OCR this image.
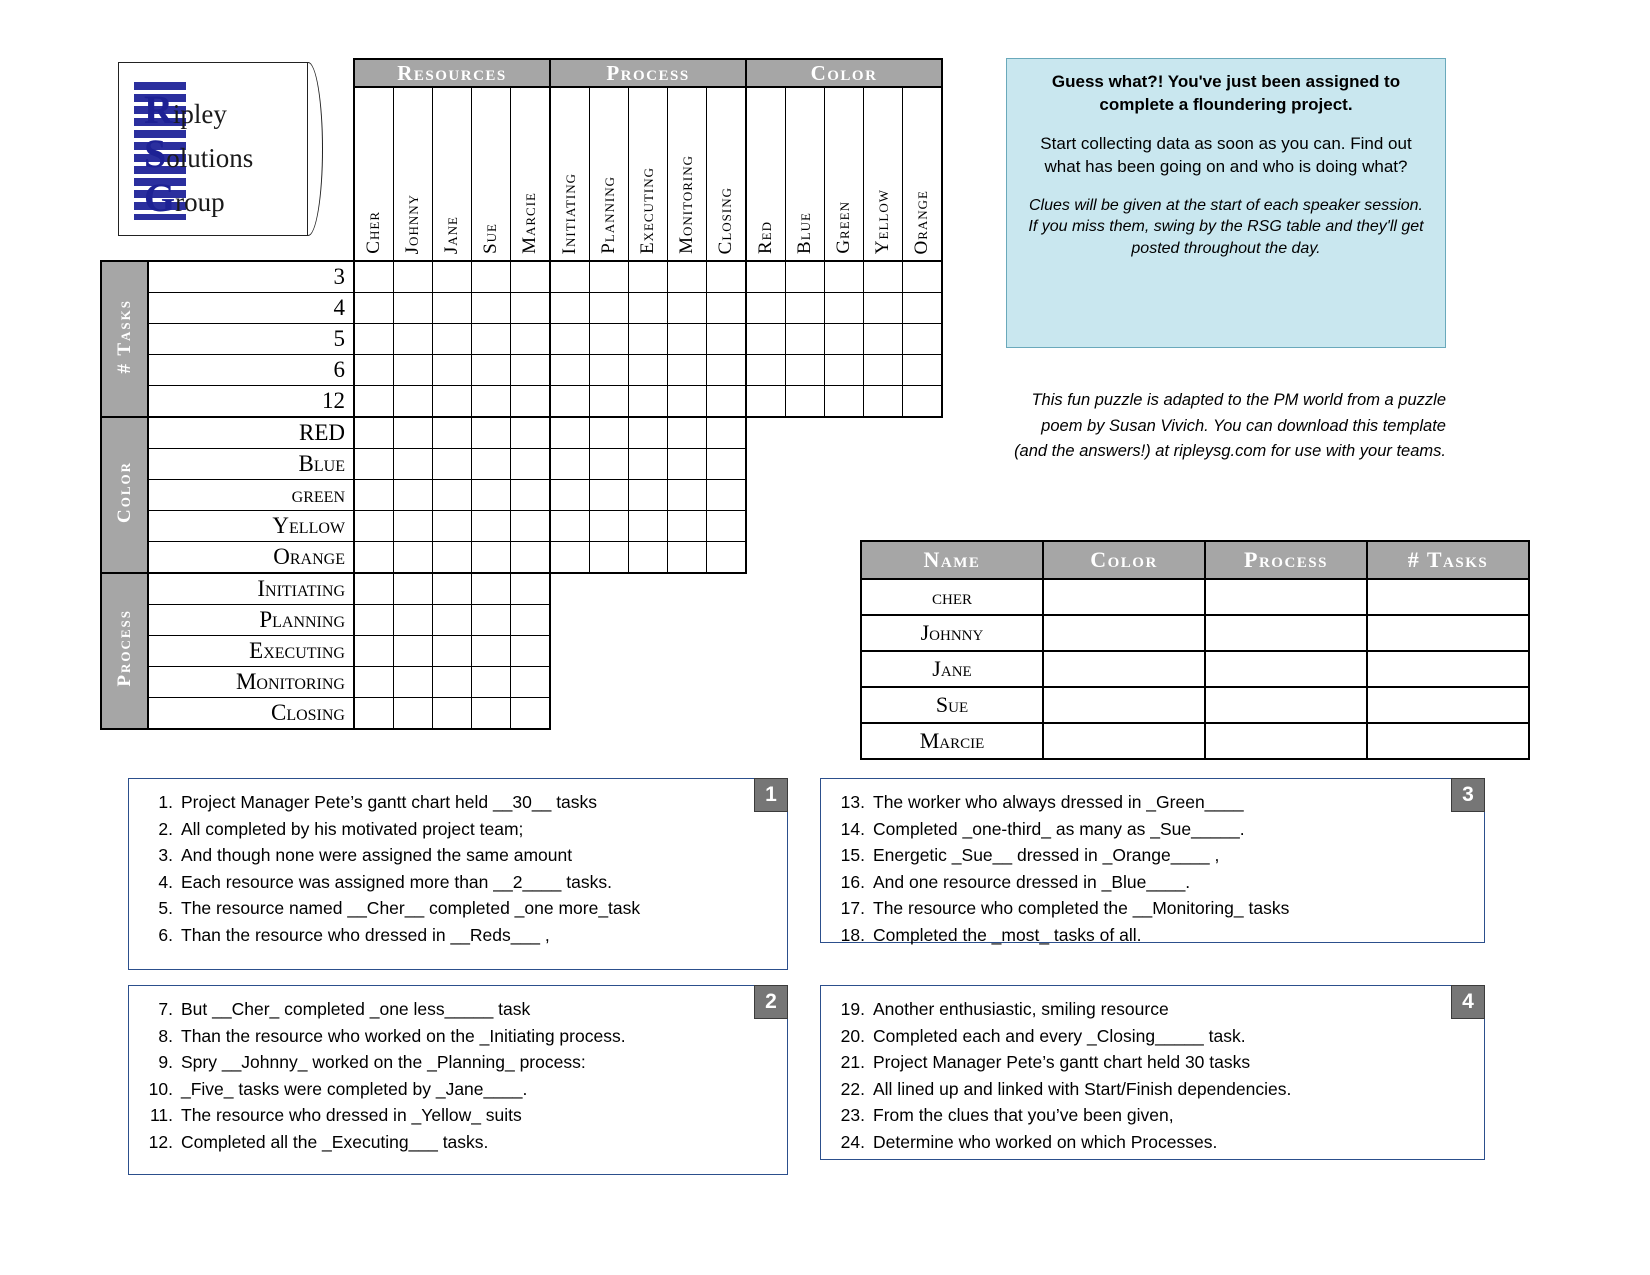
Ripley
Solutions
Group
		Resources					Process					Color				
		Cher	Johnny	Jane	Sue	Marcie	Initiating	Planning	Executing	Monitoring	Closing	Red	Blue	Green	Yellow	Orange
# Tasks	3															
	4															
	5															
	6															
	12															
Color	RED															
	Blue															
	green															
	Yellow															
	Orange															
Process	Initiating															
	Planning															
	Executing															
	Monitoring															
	Closing															
Guess what?! You've just been assigned to complete a floundering project.
Start collecting data as soon as you can. Find out what has been going on and who is doing what?
Clues will be given at the start of each speaker session. If you miss them, swing by the RSG table and they'll get posted throughout the day.
This fun puzzle is adapted to the PM world from a puzzle poem by Susan Vivich. You can download this template (and the answers!) at ripleysg.com for use with your teams.
Name	Color	Process	# Tasks
cher			
Johnny			
Jane			
Sue			
Marcie			
1
1. Project Manager Pete’s gantt chart held __30__ tasks
2. All completed by his motivated project team;
3. And though none were assigned the same amount
4. Each resource was assigned more than __2____ tasks.
5. The resource named __Cher__ completed _one more_task
6. Than the resource who dressed in __Reds___ ,
2
7. But __Cher_ completed _one less_____ task
8. Than the resource who worked on the _Initiating process.
9. Spry __Johnny_ worked on the _Planning_ process:
10. _Five_ tasks were completed by _Jane____.
11. The resource who dressed in _Yellow_ suits
12. Completed all the _Executing___ tasks.
3
13. The worker who always dressed in _Green____
14. Completed _one-third_ as many as _Sue_____.
15. Energetic _Sue__ dressed in _Orange____ ,
16. And one resource dressed in _Blue____.
17. The resource who completed the __Monitoring_ tasks
18. Completed the _most_ tasks of all.
4
19. Another enthusiastic, smiling resource
20. Completed each and every _Closing_____ task.
21. Project Manager Pete’s gantt chart held 30 tasks
22. All lined up and linked with Start/Finish dependencies.
23. From the clues that you’ve been given,
24. Determine who worked on which Processes.
